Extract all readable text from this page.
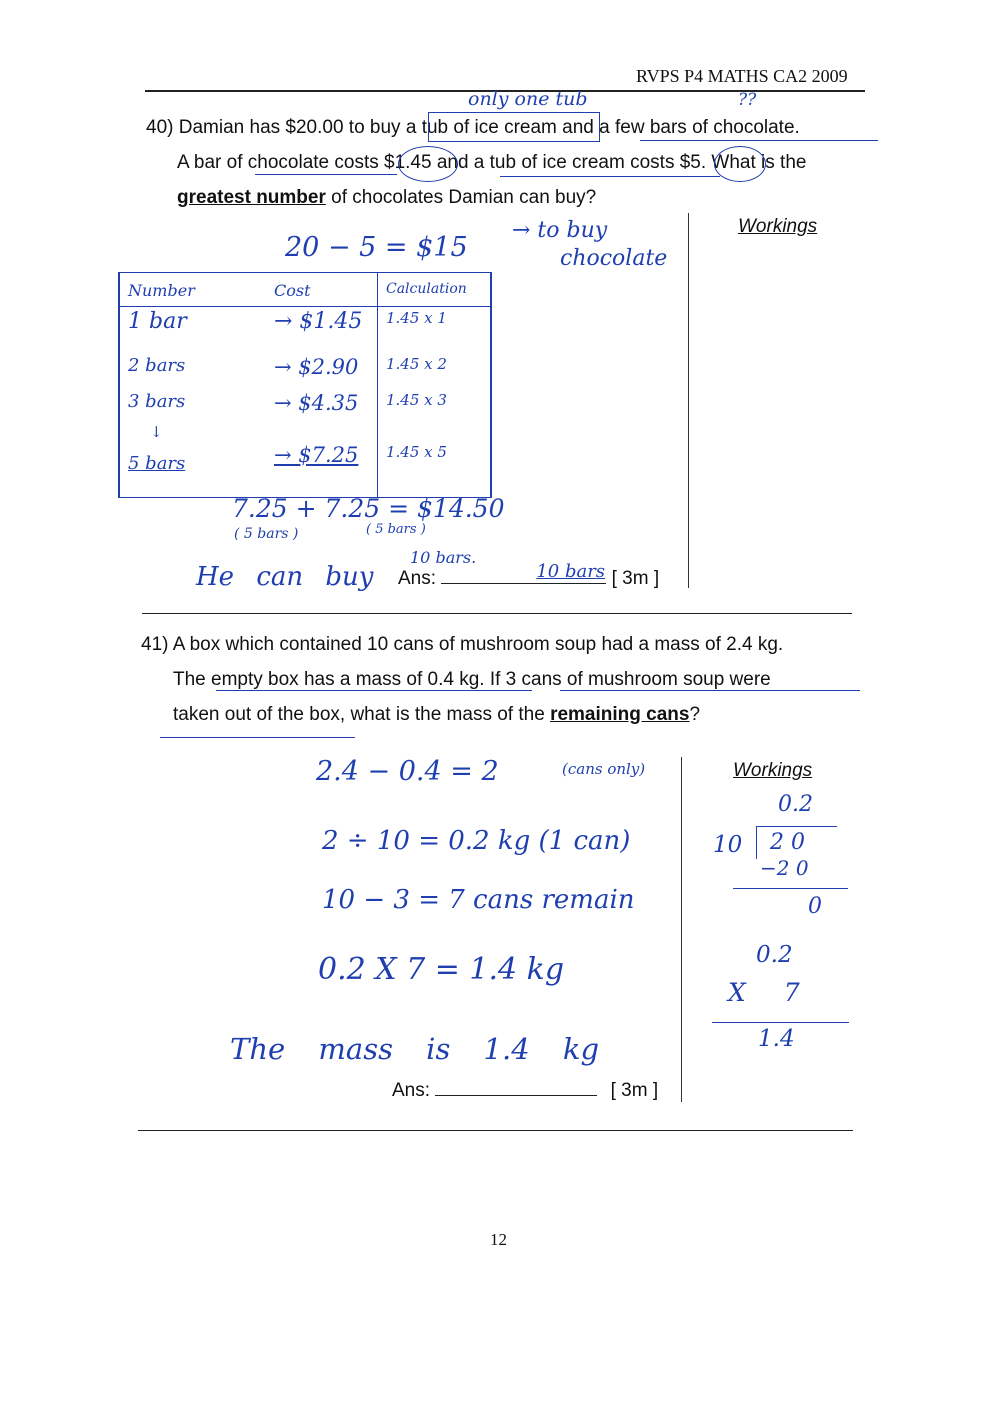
RVPS P4 MATHS CA2 2009
only one tub	??
40) Damian has $20.00 to buy a tub of ice cream and a few bars of chocolate.
A bar of chocolate costs $1.45 and a tub of ice cream costs $5. What is the
greatest number of chocolates Damian can buy?
Workings
20 − 5 = $15
→ to buy
chocolate
Number	Cost	Calculation
1 bar	→ $1.45	1.45 x 1
2 bars	→ $2.90	1.45 x 2
3 bars	→ $4.35	1.45 x 3
↓		
5 bars	→ $7.25	1.45 x 5
7.25 + 7.25 = $14.50
( 5 bars )	( 5 bars )
10 bars.
He can buy Ans:	10 bars [ 3m ]
41) A box which contained 10 cans of mushroom soup had a mass of 2.4 kg.
The empty box has a mass of 0.4 kg. If 3 cans of mushroom soup were
taken out of the box, what is the mass of the remaining cans?
Workings
2.4 − 0.4 = 2	(cans only)
2 ÷ 10 = 0.2 kg (1 can)
10 − 3 = 7 cans remain
0.2 X 7 = 1.4 kg
The mass is 1.4 kg
0.2
10 2 0
−2 0
0
0.2
X 7
1.4
Ans:	[ 3m ]
12
